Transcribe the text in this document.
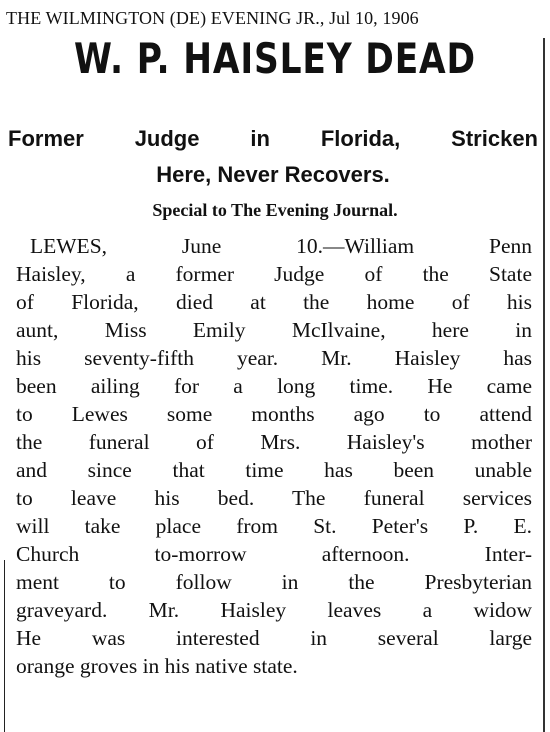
THE WILMINGTON (DE) EVENING JR., Jul 10, 1906
W. P. HAISLEY DEAD
Former Judge in Florida, Stricken
Here, Never Recovers.
Special to The Evening Journal.
LEWES, June 10.—William Penn
Haisley, a former Judge of the State
of Florida, died at the home of his
aunt, Miss Emily McIlvaine, here in
his seventy-fifth year. Mr. Haisley has
been ailing for a long time. He came
to Lewes some months ago to attend
the funeral of Mrs. Haisley's mother
and since that time has been unable
to leave his bed. The funeral services
will take place from St. Peter's P. E.
Church to-morrow afternoon. Inter-
ment to follow in the Presbyterian
graveyard. Mr. Haisley leaves a widow
He was interested in several large
orange groves in his native state.
